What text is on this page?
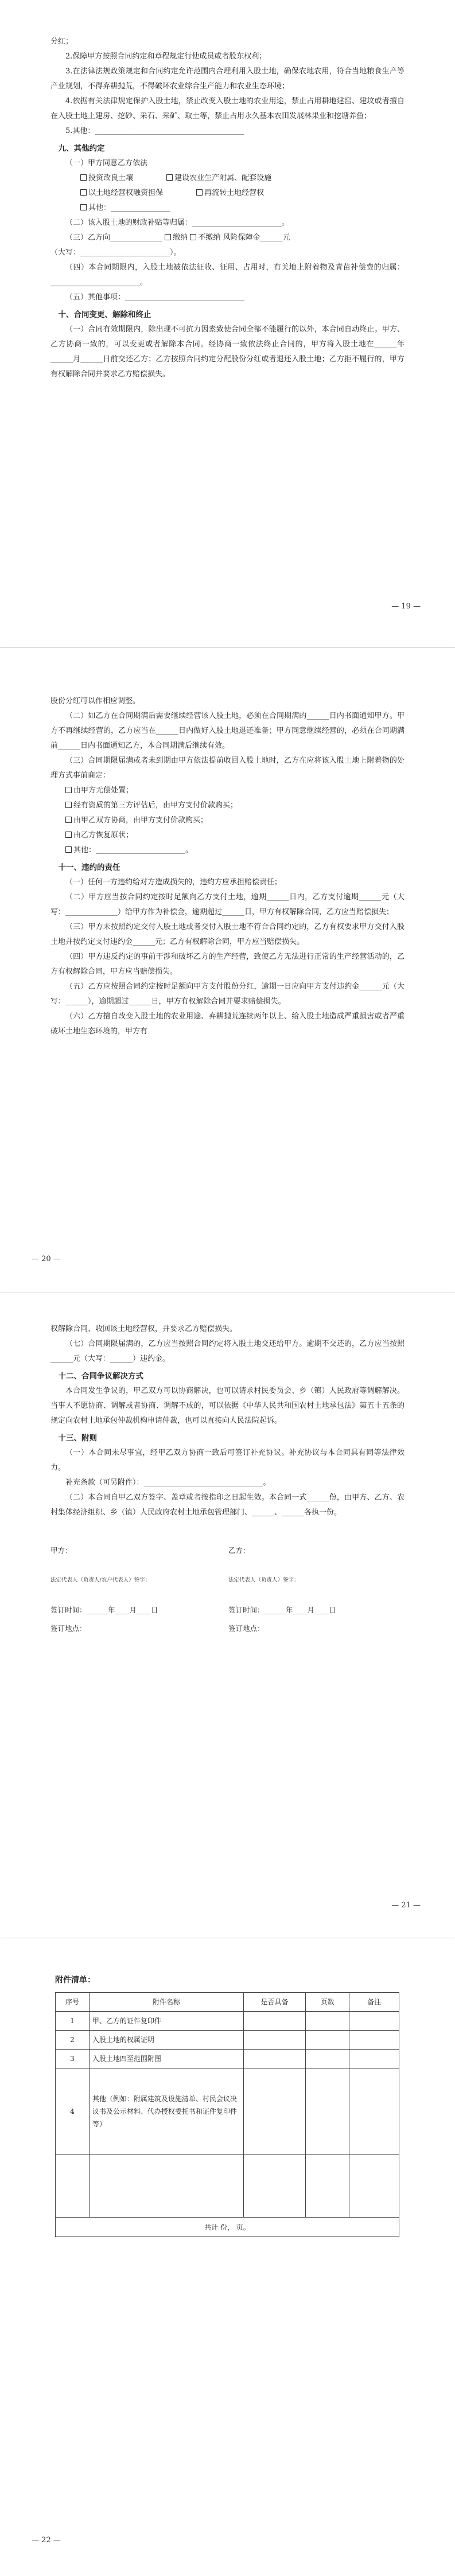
分红；

2.保障甲方按照合同约定和章程规定行使成员或者股东权利；

3.在法律法规政策规定和合同约定允许范围内合理利用入股土地，确保农地农用，符合当地粮食生产等产业规划，不得弃耕抛荒，不得破坏农业综合生产能力和农业生态环境；

4.依据有关法律规定保护入股土地，禁止改变入股土地的农业用途，禁止占用耕地建窑、建坟或者擅自在入股土地上建房、挖砂、采石、采矿、取土等，禁止占用永久基本农田发展林果业和挖塘养鱼；

5.其他：________________________________________

九、其他约定

（一）甲方同意乙方依法

投资改良土壤	建设农业生产附属、配套设施

以土地经营权融资担保	再流转土地经营权

其他：________________

（二）该入股土地的财政补贴等归属：________________________。

（三）乙方向______________ 缴纳 不缴纳 风险保障金______元

（大写：________________________）。

（四）本合同期限内，入股土地被依法征收、征用、占用时，有关地上附着物及青苗补偿费的归属：________________________。

（五）其他事项：________________________________

十、合同变更、解除和终止

（一）合同有效期限内，除出现不可抗力因素致使合同全部不能履行的以外，本合同自动终止。甲方、乙方协商一致的，可以变更或者解除本合同。经协商一致依法终止合同的，甲方将入股土地在______年______月______日前交还乙方；乙方按照合同约定分配股份分红或者退还入股土地；乙方拒不履行的，甲方有权解除合同并要求乙方赔偿损失。

— 19 —

股份分红可以作相应调整。

（二）如乙方在合同期满后需要继续经营该入股土地，必须在合同期满的______日内书面通知甲方。甲方不再继续经营的，乙方应当在______日内做好入股土地退还准备；甲方同意继续经营的，必须在合同期满前______日内书面通知乙方，本合同期满后继续有效。

（三）合同期限届满或者未到期由甲方依法提前收回入股土地时，乙方在应将该入股土地上附着物的处理方式事前商定：

由甲方无偿处置；

经有资质的第三方评估后，由甲方支付价款购买；

由甲乙双方协商，由甲方支付价款购买；

由乙方恢复原状；

其他：________________________。

十一、违约的责任

（一）任何一方违约给对方造成损失的，违约方应承担赔偿责任；

（二）甲方应当按合同约定按时足额向乙方支付土地，逾期______日内，乙方支付逾期______元（大写：______________）给甲方作为补偿金，逾期超过______日，甲方有权解除合同，乙方应当赔偿损失；

（三）甲方未按照约定交付入股土地或者交付入股土地不符合合同约定的，乙方有权要求甲方交付入股土地并按约定支付违约金______元；乙方有权解除合同，甲方应当赔偿损失。

（四）甲方违反约定的事前干涉和破坏乙方的生产经营，致使乙方无法进行正常的生产经营活动的，乙方有权解除合同，甲方应当赔偿损失。

（五）乙方应按照合同约定按时足额向甲方支付股份分红，逾期一日应向甲方支付违约金______元（大写：______），逾期超过______日，甲方有权解除合同并要求赔偿损失。

（六）乙方擅自改变入股土地的农业用途、弃耕抛荒连续两年以上、给入股土地造成严重损害或者严重破坏土地生态环境的，甲方有

— 20 —

权解除合同、收回该土地经营权，并要求乙方赔偿损失。

（七）合同期限届满的，乙方应当按照合同约定将入股土地交还给甲方。逾期不交还的，乙方应当按照______元（大写：______）违约金。

十二、合同争议解决方式

本合同发生争议的，甲乙双方可以协商解决，也可以请求村民委员会、乡（镇）人民政府等调解解决。当事人不愿协商、调解或者协商、调解不成的，可以依据《中华人民共和国农村土地承包法》第五十五条的规定向农村土地承包仲裁机构申请仲裁，也可以直接向人民法院起诉。

十三、附则

（一）本合同未尽事宜，经甲乙双方协商一致后可签订补充协议。补充协议与本合同具有同等法律效力。

补充条款（可另附件）：________________________________。

（二）本合同自甲乙双方签字、盖章或者按指印之日起生效。本合同一式______份，由甲方、乙方、农村集体经济组织、乡（镇）人民政府农村土地承包管理部门、______、______各执一份。

甲方：	乙方：
法定代表人（负责人/农户代表人）签字：	法定代表人（负责人）签字：
签订时间：______年____月____日	签订时间：______年____月____日
签订地点：	签订地点：
— 21 —
附件清单：
序号	附件名称	是否具备	页数	备注
1	甲、乙方的证件复印件			
2	入股土地的权属证明			
3	入股土地四至范围附图			
4	其他（例如：附属建筑及设施清单、村民会议决议书及公示材料、代办授权委托书和证件复印件等）			

共计 份， 页。				
— 22 —
